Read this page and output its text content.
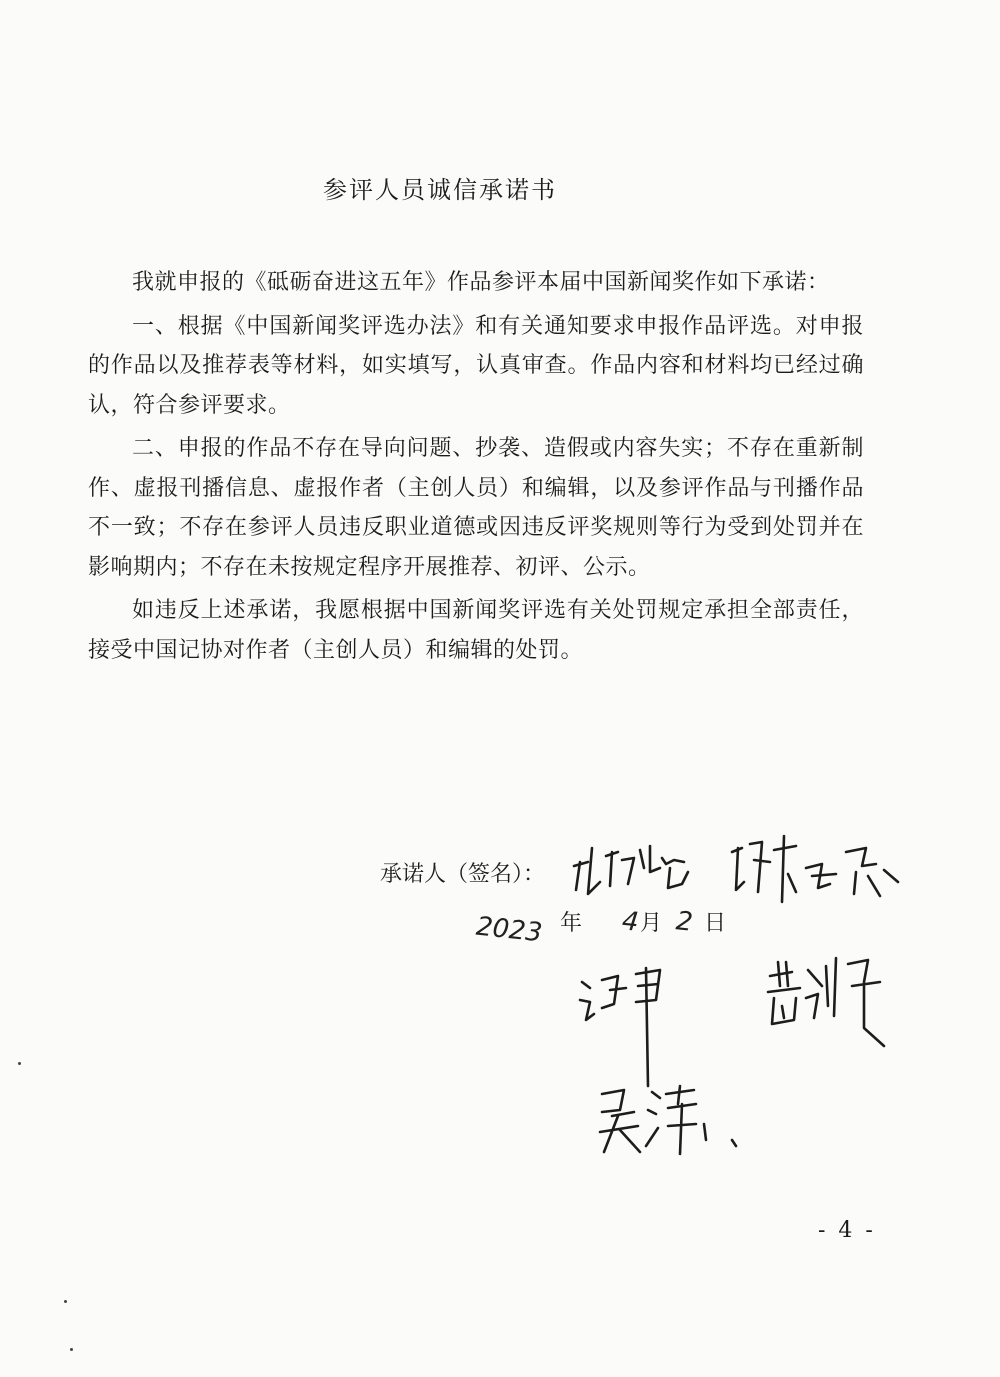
参评人员诚信承诺书

我就申报的《砥砺奋进这五年》作品参评本届中国新闻奖作如下承诺：

一、根据《中国新闻奖评选办法》和有关通知要求申报作品评选。对申报的作品以及推荐表等材料，如实填写，认真审查。作品内容和材料均已经过确认，符合参评要求。

二、申报的作品不存在导向问题、抄袭、造假或内容失实；不存在重新制作、虚报刊播信息、虚报作者（主创人员）和编辑，以及参评作品与刊播作品不一致；不存在参评人员违反职业道德或因违反评奖规则等行为受到处罚并在影响期内；不存在未按规定程序开展推荐、初评、公示。

如违反上述承诺，我愿根据中国新闻奖评选有关处罚规定承担全部责任，接受中国记协对作者（主创人员）和编辑的处罚。

承诺人（签名）：
2023 年 4 月 2 日
- 4 -
